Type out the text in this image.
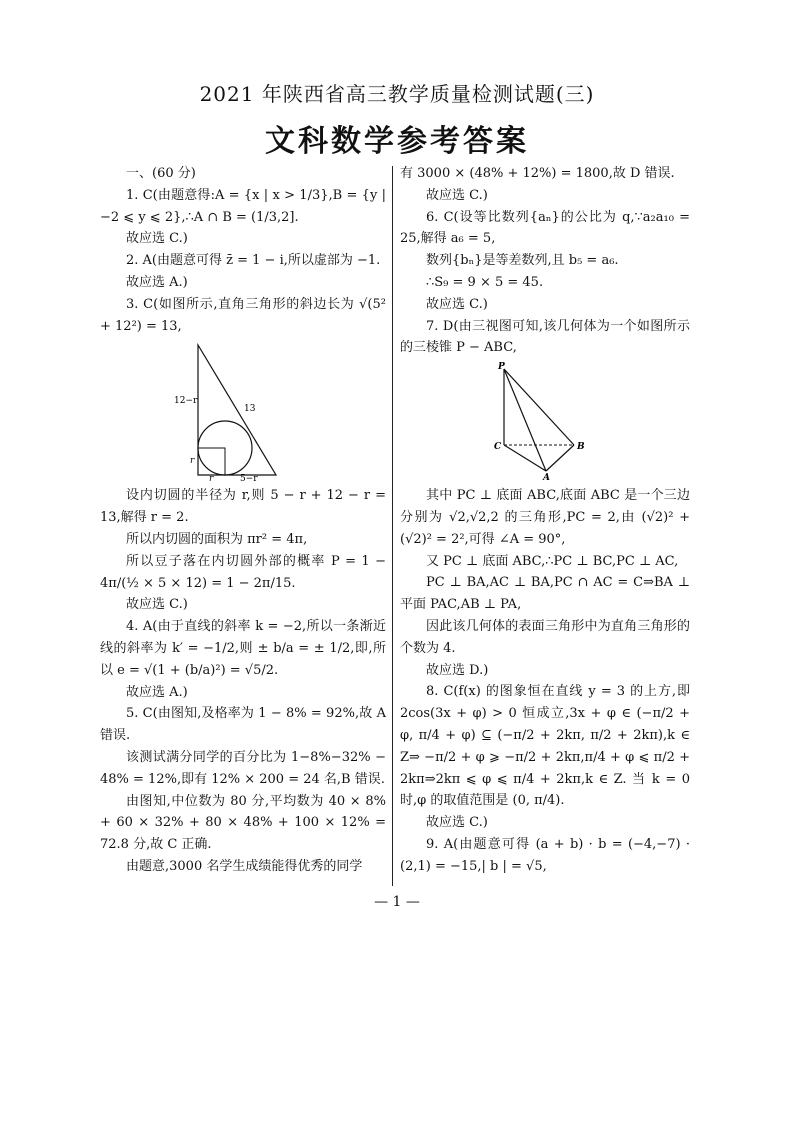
2021 年陕西省高三教学质量检测试题(三)
文科数学参考答案

一、(60 分)

1. C(由题意得:A = {x | x > 1/3},B = {y | −2 ⩽ y ⩽ 2},∴A ∩ B = (1/3,2].

故应选 C.)

2. A(由题意可得 z̄ = 1 − i,所以虚部为 −1.

故应选 A.)

3. C(如图所示,直角三角形的斜边长为 √(5² + 12²) = 13,

12−r
13
r
r	5−r

设内切圆的半径为 r,则 5 − r + 12 − r = 13,解得 r = 2.

所以内切圆的面积为 πr² = 4π,

所以豆子落在内切圆外部的概率 P = 1 − 4π/(½ × 5 × 12) = 1 − 2π/15.

故应选 C.)

4. A(由于直线的斜率 k = −2,所以一条渐近线的斜率为 k′ = −1/2,则 ± b/a = ± 1/2,即,所以 e = √(1 + (b/a)²) = √5/2.

故应选 A.)

5. C(由图知,及格率为 1 − 8% = 92%,故 A 错误.

该测试满分同学的百分比为 1−8%−32% − 48% = 12%,即有 12% × 200 = 24 名,B 错误.

由图知,中位数为 80 分,平均数为 40 × 8% + 60 × 32% + 80 × 48% + 100 × 12% = 72.8 分,故 C 正确.

由题意,3000 名学生成绩能得优秀的同学

有 3000 × (48% + 12%) = 1800,故 D 错误.

故应选 C.)

6. C(设等比数列{aₙ}的公比为 q,∵a₂a₁₀ = 25,解得 a₆ = 5,

数列{bₙ}是等差数列,且 b₅ = a₆.

∴S₉ = 9 × 5 = 45.

故应选 C.)

7. D(由三视图可知,该几何体为一个如图所示的三棱锥 P − ABC,

P
C	B
A

其中 PC ⊥ 底面 ABC,底面 ABC 是一个三边分别为 √2,√2,2 的三角形,PC = 2,由 (√2)² + (√2)² = 2²,可得 ∠A = 90°,

又 PC ⊥ 底面 ABC,∴PC ⊥ BC,PC ⊥ AC,

PC ⊥ BA,AC ⊥ BA,PC ∩ AC = C⇒BA ⊥ 平面 PAC,AB ⊥ PA,

因此该几何体的表面三角形中为直角三角形的个数为 4.

故应选 D.)

8. C(f(x) 的图象恒在直线 y = 3 的上方,即 2cos(3x + φ) > 0 恒成立,3x + φ ∈ (−π/2 + φ, π/4 + φ) ⊆ (−π/2 + 2kπ, π/2 + 2kπ),k ∈ Z⇒ −π/2 + φ ⩾ −π/2 + 2kπ,π/4 + φ ⩽ π/2 + 2kπ⇒2kπ ⩽ φ ⩽ π/4 + 2kπ,k ∈ Z. 当 k = 0 时,φ 的取值范围是 (0, π/4).

故应选 C.)

9. A(由题意可得 (a + b) · b = (−4,−7) · (2,1) = −15,| b | = √5,

— 1 —
